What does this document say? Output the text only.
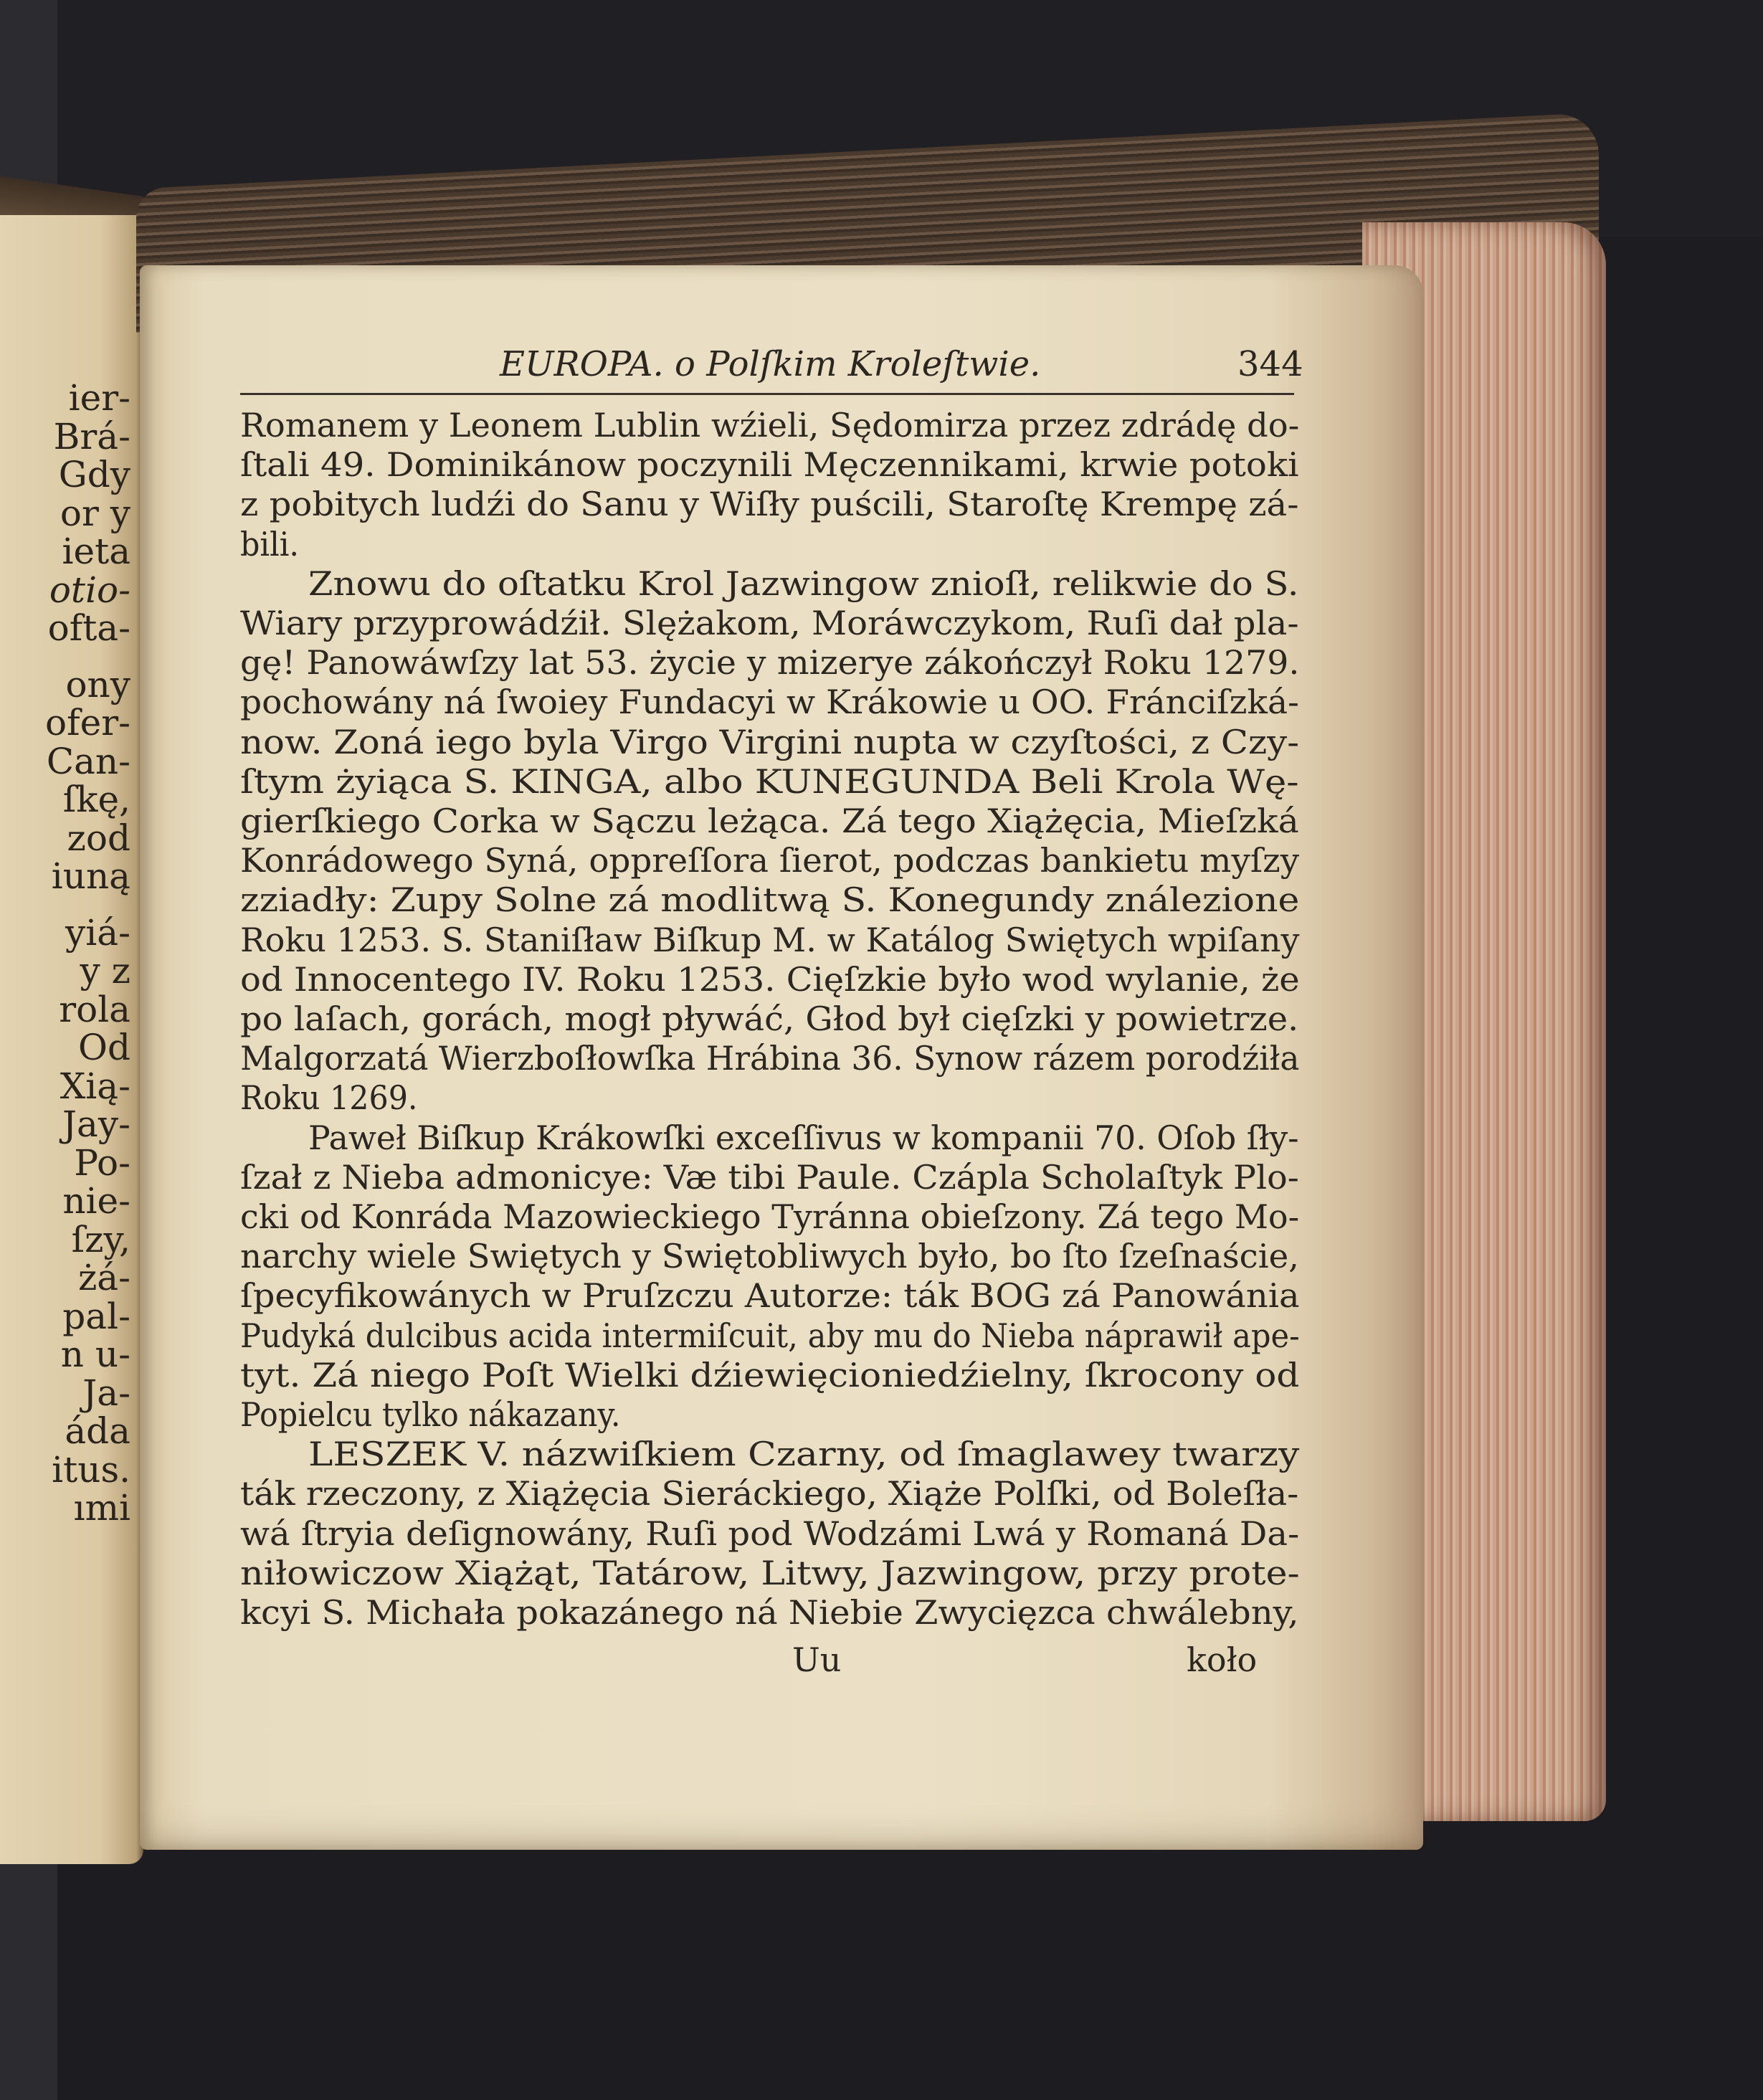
ier-

Brá-

Gdy

or y

ieta

otio-

ofta-

ony

ofer-

Can-

ſkę,

zod

iuną

yiá-

y z

rola

Od

Xią-

Jay-

Po-

nie-

ſzy,

żá-

pal-

n u-

Ja-

áda

itus.

ımi

EUROPA. o Polſkim Kroleſtwie.	344

Romanem y Leonem Lublin wźieli, Sędomirza przez zdrádę do-

ſtali 49. Dominikánow poczynili Męczennikami, krwie potoki

z pobitych ludźi do Sanu y Wiſły puścili, Staroſtę Krempę zá-

bili.

Znowu do oſtatku Krol Jazwingow znioſł, relikwie do S.

Wiary przyprowádźił. Slężakom, Moráwczykom, Ruſi dał pla-

gę! Panowáwſzy lat 53. życie y mizerye zákończył Roku 1279.

pochowány ná ſwoiey Fundacyi w Krákowie u OO. Fránciſzká-

now. Zoná iego byla Virgo Virgini nupta w czyſtości, z Czy-

ſtym żyiąca S. KINGA, albo KUNEGUNDA Beli Krola Wę-

gierſkiego Corka w Sączu leżąca. Zá tego Xiążęcia, Mieſzká

Konrádowego Syná, oppreſſora ſierot, podczas bankietu myſzy

zziadły: Zupy Solne zá modlitwą S. Konegundy ználezione

Roku 1253. S. Staniſław Biſkup M. w Katálog Swiętych wpiſany

od Innocentego IV. Roku 1253. Cięſzkie było wod wylanie, że

po laſach, gorách, mogł pływáć, Głod był cięſzki y powietrze.

Malgorzatá Wierzboſłowſka Hrábina 36. Synow rázem porodźiła

Roku 1269.

Paweł Biſkup Krákowſki exceſſivus w kompanii 70. Oſob ſły-

ſzał z Nieba admonicye: Væ tibi Paule. Czápla Scholaſtyk Plo-

cki od Konráda Mazowieckiego Tyránna obieſzony. Zá tego Mo-

narchy wiele Swiętych y Swiętobliwych było, bo ſto ſzeſnaście,

ſpecyfikowánych w Pruſzczu Autorze: ták BOG zá Panowánia

Pudyká dulcibus acida intermiſcuit, aby mu do Nieba náprawił ape-

tyt. Zá niego Poſt Wielki dźiewięcioniedźielny, ſkrocony od

Popielcu tylko nákazany.

LESZEK V. názwiſkiem Czarny, od ſmaglawey twarzy

ták rzeczony, z Xiążęcia Sieráckiego, Xiąże Polſki, od Boleſła-

wá ſtryia deſignowány, Ruſi pod Wodzámi Lwá y Romaná Da-

niłowiczow Xiążąt, Tatárow, Litwy, Jazwingow, przy prote-

kcyi S. Michała pokazánego ná Niebie Zwycięzca chwálebny,

Uu	koło
